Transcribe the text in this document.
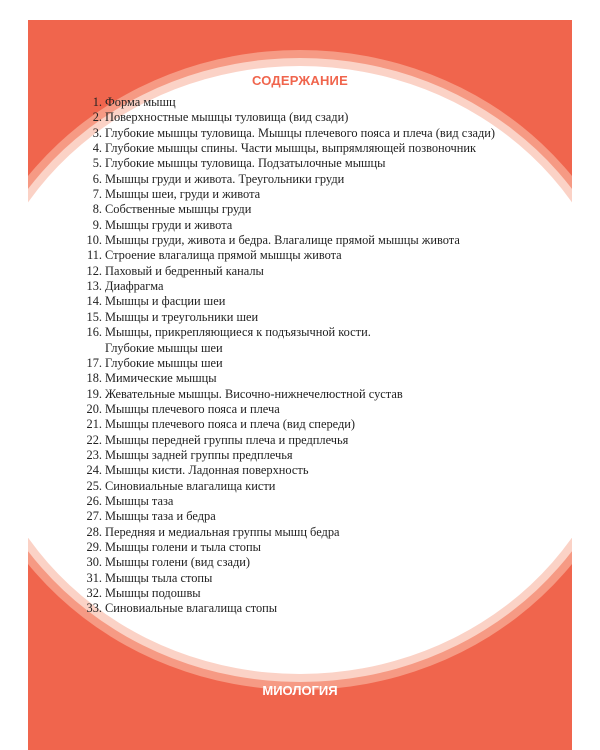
СОДЕРЖАНИЕ
1. Форма мышц
2. Поверхностные мышцы туловища (вид сзади)
3. Глубокие мышцы туловища. Мышцы плечевого пояса и плеча (вид сзади)
4. Глубокие мышцы спины. Части мышцы, выпрямляющей позвоночник
5. Глубокие мышцы туловища. Подзатылочные мышцы
6. Мышцы груди и живота. Треугольники груди
7. Мышцы шеи, груди и живота
8. Собственные мышцы груди
9. Мышцы груди и живота
10. Мышцы груди, живота и бедра. Влагалище прямой мышцы живота
11. Строение влагалища прямой мышцы живота
12. Паховый и бедренный каналы
13. Диафрагма
14. Мышцы и фасции шеи
15. Мышцы и треугольники шеи
16. Мышцы, прикрепляющиеся к подъязычной кости.
Глубокие мышцы шеи
17. Глубокие мышцы шеи
18. Мимические мышцы
19. Жевательные мышцы. Височно-нижнечелюстной сустав
20. Мышцы плечевого пояса и плеча
21. Мышцы плечевого пояса и плеча (вид спереди)
22. Мышцы передней группы плеча и предплечья
23. Мышцы задней группы предплечья
24. Мышцы кисти. Ладонная поверхность
25. Синовиальные влагалища кисти
26. Мышцы таза
27. Мышцы таза и бедра
28. Передняя и медиальная группы мышц бедра
29. Мышцы голени и тыла стопы
30. Мышцы голени (вид сзади)
31. Мышцы тыла стопы
32. Мышцы подошвы
33. Синовиальные влагалища стопы
МИОЛОГИЯ
